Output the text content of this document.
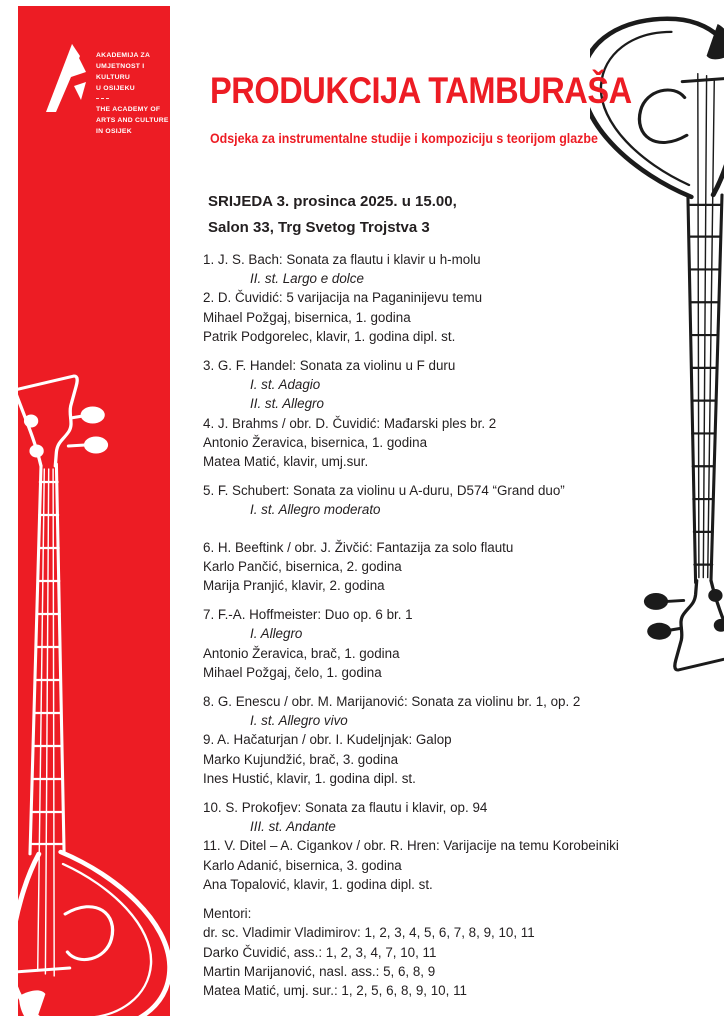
AKADEMIJA ZA
UMJETNOST I KULTURU
U OSIJEKU
THE ACADEMY OF
ARTS AND CULTURE
IN OSIJEK
PRODUKCIJA TAMBURAŠA
Odsjeka za instrumentalne studije i kompoziciju s teorijom glazbe
SRIJEDA 3. prosinca 2025. u 15.00,
Salon 33, Trg Svetog Trojstva 3
1. J. S. Bach: Sonata za flautu i klavir u h-molu
II. st. Largo e dolce
2. D. Čuvidić: 5 varijacija na Paganinijevu temu
Mihael Požgaj, bisernica, 1. godina
Patrik Podgorelec, klavir, 1. godina dipl. st.
3. G. F. Handel: Sonata za violinu u F duru
I. st. Adagio
II. st. Allegro
4. J. Brahms / obr. D. Čuvidić: Mađarski ples br. 2
Antonio Žeravica, bisernica, 1. godina
Matea Matić, klavir, umj.sur.
5. F. Schubert: Sonata za violinu u A-duru, D574 “Grand duo”
I. st. Allegro moderato
6. H. Beeftink / obr. J. Živčić: Fantazija za solo flautu
Karlo Pančić, bisernica, 2. godina
Marija Pranjić, klavir, 2. godina
7. F.-A. Hoffmeister: Duo op. 6 br. 1
I. Allegro
Antonio Žeravica, brač, 1. godina
Mihael Požgaj, čelo, 1. godina
8. G. Enescu / obr. M. Marijanović: Sonata za violinu br. 1, op. 2
I. st. Allegro vivo
9. A. Hačaturjan / obr. I. Kudeljnjak: Galop
Marko Kujundžić, brač, 3. godina
Ines Hustić, klavir, 1. godina dipl. st.
10. S. Prokofjev: Sonata za flautu i klavir, op. 94
III. st. Andante
11. V. Ditel – A. Cigankov / obr. R. Hren: Varijacije na temu Korobeiniki
Karlo Adanić, bisernica, 3. godina
Ana Topalović, klavir, 1. godina dipl. st.
Mentori:
dr. sc. Vladimir Vladimirov: 1, 2, 3, 4, 5, 6, 7, 8, 9, 10, 11
Darko Čuvidić, ass.: 1, 2, 3, 4, 7, 10, 11
Martin Marijanović, nasl. ass.: 5, 6, 8, 9
Matea Matić, umj. sur.: 1, 2, 5, 6, 8, 9, 10, 11
